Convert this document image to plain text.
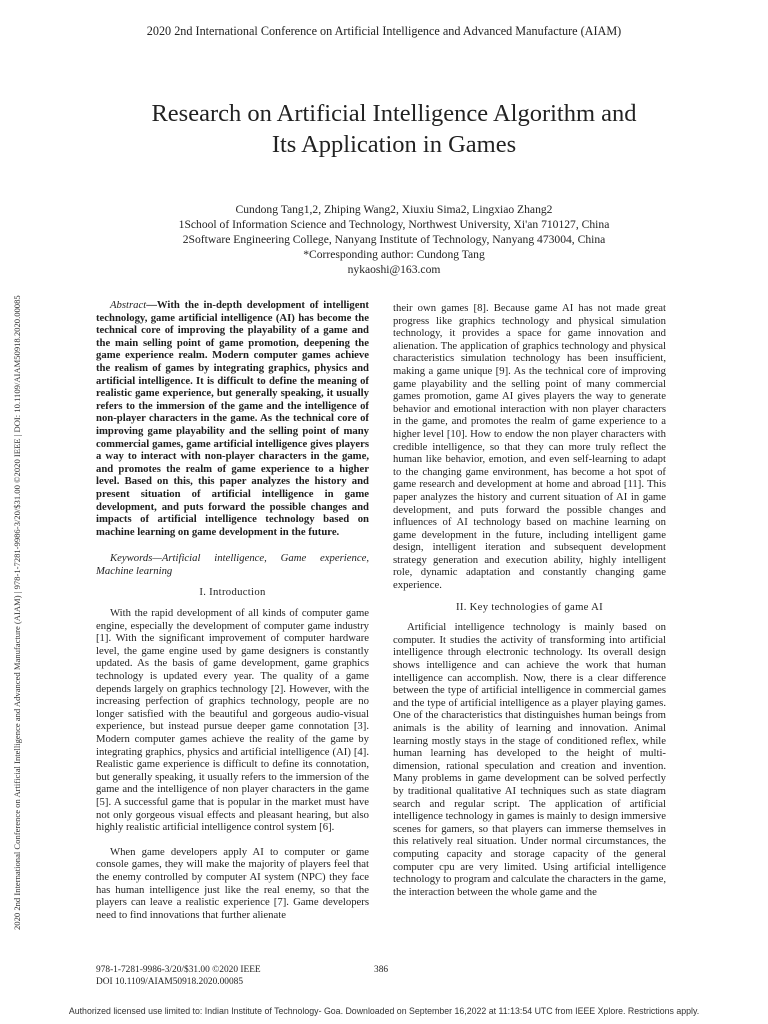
2020 2nd International Conference on Artificial Intelligence and Advanced Manufacture (AIAM)
2020 2nd International Conference on Artificial Intelligence and Advanced Manufacture (AIAM) | 978-1-7281-9986-3/20/$31.00 ©2020 IEEE | DOI: 10.1109/AIAM50918.2020.00085
Research on Artificial Intelligence Algorithm and
Its Application in Games
Cundong Tang1,2, Zhiping Wang2, Xiuxiu Sima2, Lingxiao Zhang2
1School of Information Science and Technology, Northwest University, Xi'an 710127, China
2Software Engineering College, Nanyang Institute of Technology, Nanyang 473004, China
*Corresponding author: Cundong Tang
nykaoshi@163.com

Abstract—With the in-depth development of intelligent technology, game artificial intelligence (AI) has become the technical core of improving the playability of a game and the main selling point of game promotion, deepening the game experience realm. Modern computer games achieve the realism of games by integrating graphics, physics and artificial intelligence. It is difficult to define the meaning of realistic game experience, but generally speaking, it usually refers to the immersion of the game and the intelligence of non-player characters in the game. As the technical core of improving game playability and the selling point of many commercial games, game artificial intelligence gives players a way to interact with non-player characters in the game, and promotes the realm of game experience to a higher level. Based on this, this paper analyzes the history and present situation of artificial intelligence in game development, and puts forward the possible changes and impacts of artificial intelligence technology based on machine learning on game development in the future.

Keywords—Artificial intelligence, Game experience, Machine learning

I. Introduction

With the rapid development of all kinds of computer game engine, especially the development of computer game industry [1]. With the significant improvement of computer hardware level, the game engine used by game designers is constantly updated. As the basis of game development, game graphics technology is updated every year. The quality of a game depends largely on graphics technology [2]. However, with the increasing perfection of graphics technology, people are no longer satisfied with the beautiful and gorgeous audio-visual experience, but instead pursue deeper game connotation [3]. Modern computer games achieve the reality of the game by integrating graphics, physics and artificial intelligence (AI) [4]. Realistic game experience is difficult to define its connotation, but generally speaking, it usually refers to the immersion of the game and the intelligence of non player characters in the game [5]. A successful game that is popular in the market must have not only gorgeous visual effects and pleasant hearing, but also highly realistic artificial intelligence control system [6].

When game developers apply AI to computer or game console games, they will make the majority of players feel that the enemy controlled by computer AI system (NPC) they face has human intelligence just like the real enemy, so that the players can leave a realistic experience [7]. Game developers need to find innovations that further alienate

their own games [8]. Because game AI has not made great progress like graphics technology and physical simulation technology, it provides a space for game innovation and alienation. The application of graphics technology and physical characteristics simulation technology has been insufficient, making a game unique [9]. As the technical core of improving game playability and the selling point of many commercial games promotion, game AI gives players the way to generate behavior and emotional interaction with non player characters in the game, and promotes the realm of game experience to a higher level [10]. How to endow the non player characters with credible intelligence, so that they can more truly reflect the human like behavior, emotion, and even self-learning to adapt to the changing game environment, has become a hot spot of game research and development at home and abroad [11]. This paper analyzes the history and current situation of AI in game development, and puts forward the possible changes and influences of AI technology based on machine learning on game development in the future, including intelligent game design, intelligent iteration and subsequent development strategy generation and execution ability, highly intelligent role, dynamic adaptation and constantly changing game experience.

II. Key technologies of game AI

Artificial intelligence technology is mainly based on computer. It studies the activity of transforming into artificial intelligence through electronic technology. Its overall design shows intelligence and can achieve the work that human intelligence can accomplish. Now, there is a clear difference between the type of artificial intelligence in commercial games and the type of artificial intelligence as a player playing games. One of the characteristics that distinguishes human beings from animals is the ability of learning and innovation. Animal learning mostly stays in the stage of conditioned reflex, while human learning has developed to the height of multi-dimension, rational speculation and creation and invention. Many problems in game development can be solved perfectly by traditional qualitative AI techniques such as state diagram search and regular script. The application of artificial intelligence technology in games is mainly to design immersive scenes for gamers, so that players can immerse themselves in this relatively real situation. Under normal circumstances, the computing capacity and storage capacity of the general computer cpu are very limited. Using artificial intelligence technology to program and calculate the characters in the game, the interaction between the whole game and the

978-1-7281-9986-3/20/$31.00 ©2020 IEEE
DOI 10.1109/AIAM50918.2020.00085
386
Authorized licensed use limited to: Indian Institute of Technology- Goa. Downloaded on September 16,2022 at 11:13:54 UTC from IEEE Xplore. Restrictions apply.
